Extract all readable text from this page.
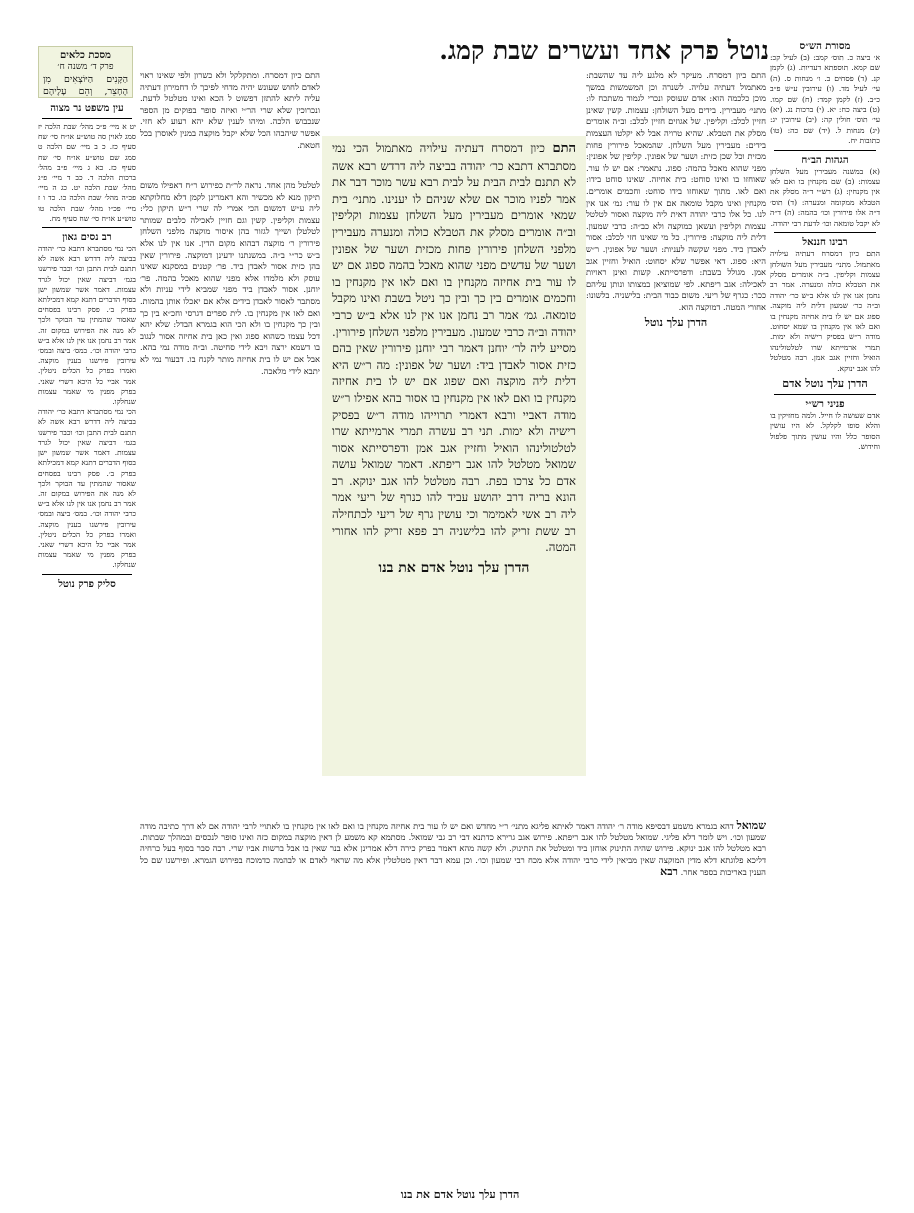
נוטל פרק אחד ועשרים שבת קמג.
מסכת כלאים
פרק ד׳ משנה ח׳
הַקָּנִים הַיּוֹצְאִים מִן הֶחָצֵר, וְהֵם עָלֶיהֶם
עין משפט נר מצוה
יט א מיי׳ פ״כ מהל׳ שבת הלכה יז סמג לאוין סה טוש״ע או״ח סי׳ שח סעיף כז. כ ב מיי׳ שם הלכה ט סמג שם טוש״ע או״ח סי׳ שח סעיף כז. כא ג מיי׳ פ״ב מהל׳ ברכות הלכה ד. כב ד מיי׳ פ״ג מהל׳ שבת הלכה יט. כג ה מיי׳ פכ״ה מהל׳ שבת הלכה כו. כד ו ז מיי׳ פכ״ו מהל׳ שבת הלכה טו טוש״ע או״ח סי׳ שח סעיף מח.
רב נסים גאון
הכי נמי מסתברא דתבא כר׳ יהודה בביצה ליה דדרש רבא אשה לא תתנם לבית התבן וכו׳ וכבר פירשנו בגמ׳ דביצה שאין יכול לגרד עצמות. דאמר אשר שמשון ישן בסוף הדברים דתנא קמא דמכילתא בפרק ב׳. פסק רבינו בפסחים שאסור שהמתין עד הבוקר ולכך לא מנה את הפירוש במקום זה. אמר רב נחמן אנו אין לנו אלא ב״ש כרבי יהודה וכו׳. במס׳ ביצה ובמס׳ עירובין פירשנו בענין מוקצה. ואמרו בפרק כל הכלים ניטלין. אמר אביי כל היכא דשרי שאני. בפרק מפנין מי שאמר עצמות שנחלקו.
הכי נמי מסתברא דתבא כר׳ יהודה בביצה ליה דדרש רבא אשה לא תתנם לבית התבן וכו׳ וכבר פירשנו בגמ׳ דביצה שאין יכול לגרד עצמות. דאמר אשר שמשון ישן בסוף הדברים דתנא קמא דמכילתא בפרק ב׳. פסק רבינו בפסחים שאסור שהמתין עד הבוקר ולכך לא מנה את הפירוש במקום זה. אמר רב נחמן אנו אין לנו אלא ב״ש כרבי יהודה וכו׳. במס׳ ביצה ובמס׳ עירובין פירשנו בענין מוקצה. ואמרו בפרק כל הכלים ניטלין. אמר אביי כל היכא דשרי שאני. בפרק מפנין מי שאמר עצמות שנחלקו.
סליק פרק נוטל
התם כיון דמסרח. ומתקלקל ולא כשרון ולפי שאינו ראוי לאדם לחוש שעונש יהיה מדחי לפיכך לו דחמירון דעתיה עליה ליתא להתזן דפשוט ל הכא ואינו מטלטל לדעת. ונכרוכין שלא שרי הר״י ואיזה סופר בפוקים מן הספר שנכבוש הלכה. ומיהו לענין שלא יהא רעוע לא חזי. אפשר שיהבהו הכל שלא יקבל מוקצה במנין לאוסרן בכל חטאת.
לטלטל מהן אחד. נראה לר״ת כפירוש ר״ח דאפילו משום תיקון מנא לא מכשיר והא דאמרינן לקמן דלא מחלוקתא ליה ע״ש דמשום הכי אמרי לה שרי ר״ש תיקון כלי: עצמות וקליפין. קשין וגם חזיין לאכילה כלבים שמותר לטלטלן ושייך לגזור בהן איסור מוקצה מלפני השלחן פירורין ר׳ מוקצה דבהוא מקום הדין. אנו אין לנו אלא ב״ש כר״י ב״ה. במשנתנו ידעינן דמוקצה. פירורין שאין בהן כזית אסור לאבדן ביד. פר׳ קטנים במסקנא שאינו עוסק ולא מלמדו אלא מפני שהוא מאכל בהמה. פר׳ יוחנן. אסור לאבדן ביד מפני שמביא לידי עניות ולא מסתבר לאסור לאבדן בידים אלא אם יאכלו אותן בהמות. ואם לאו אין מקנחין בו. לית ספרים דגרסי וחכ״א בין כך ובין כך מקנחין בו ולא הכי הוא בגמרא הבדל: שלא יהא דכל עצמו כשהוא ספוג ואין כאן בית אחיזה אסור לנגוב בו דשמא ירצה ויבא לידי סחיטה. וב״ה מודה נמי בהא. אבל אם יש לו בית אחיזה מותר לקנח בו. דבעור נמי לא יתבא לידי מלאכה.
התם כיון דמסרח דעתיה עילויה מאתמול הכי נמי מסתברא דתבא כר׳ יהודה בביצה ליה דרדש רבא אשה לא תתנם לבית הבית על לבית רבא עשר מוכר דבר את אמר לפניו מוכר אם שלא שניהם לו יענינו. מתני׳ בית שמאי אומרים מעבירין מעל השלחן עצמות וקליפין וב״ה אומרים מסלק את הטבלא כולה ומנערה מעבירין מלפני השלחן פירורין פחות מכזית ושער של אפונין ושער של עדשים מפני שהוא מאכל בהמה ספוג אם יש לו עור בית אחיזה מקנחין בו ואם לאו אין מקנחין בו וחכמים אומרים בין כך ובין כך ניטל בשבת ואינו מקבל טומאה. גמ׳ אמר רב נחמן אנו אין לנו אלא ב״ש כרבי יהודה וב״ה כרבי שמעון. מעבירין מלפני השלחן פירורין. מסייע ליה לר׳ יוחנן דאמר רבי יוחנן פירורין שאין בהם כזית אסור לאבדן ביד: ושער של אפונין: מה ר״ש היא דלית ליה מוקצה ואם שפוג אם יש לו בית אחיזה מקנחין בו ואם לאו אין מקנחין בו אסור בהא אפילו ר״ש מודה דאביי ורבא דאמרי תרוייהו מודה ר״ש בפסיק רישיה ולא ימות. תני רב עשרה תמרי ארמייתא שרו לטלטולינהו הואיל וחזיין אגב אמן ודפרסייתא אסור שמואל מטלטל להו אגב ריפתא. דאמר שמואל עושה אדם כל צרכו בפת. רבה מטלטל להו אגב ינוקא. רב הונא בריה דרב יהושע עביד להו כנרף של ריעי אמר ליה רב אשי לאמימר וכי עושין גרף של ריעי לכתחילה רב ששת זריק להו בלישניה רב פפא זריק להו אחורי המטה.
הדרן עלך נוטל אדם את בנו
התם כיון דמסרח. מעיקר לא מלגע ליה עד שהשבת: מאתמול דעתיה עלויה. לשנרה וכן המשמשות במשך מוכן כלכמה הוא: אדם שעוסק ונכרי לגמוד משתכח לו: מתני׳ מעבירין. בידים מעל השולחן: עצמות. קשין שאינן חזיין לכלב: וקליפין. של אגוזים חזיין לכלב: וב״ה אומרים מסלק את הטבלא. שהיא טרויה אבל לא יקלטו העצמות בידים: מעבירין מעל השלחן. שהמאכל פירורין פחות מכזית וכל שכן כזית: ושער של אפונין. קליפין של אפונין: מפני שהוא מאכל בהמה: ספוג. נתאמר: אם יש לו עור. שאוחזו בו ואינו סוחט: בית אחיזה. שאינו סוחט בידו: ואם לאו. מתוך שאוחזו בידו סוחט: וחכמים אומרים. מקנחין ואינו מקבל טומאה אם אין לו עור: גמ׳ אנו אין לנו. כל אלו כרבי יהודה דאית ליה מוקצה ואסור לטלטל עצמות וקליפין ועשאן כמוקצה ולא כב״ה: כרבי שמעון. דלית ליה מוקצה: פירורין. כל מי שאינו חזי לכלב: אסור לאבדן ביד. מפני שקשה לעניות: ושער של אפונין. ר״ש היא: ספוג. דאי אפשר שלא יסחוט: הואיל וחזיין אגב אמן. מגולל בשבת: ודפרסייתא. קשות ואינן ראויות לאכילה: אגב ריפתא. לפי שמוציאן במצותו ונותן עליהם ככר: כגרף של ריעי. משום כבוד הבית: בלישניה. בלשונו: אחורי המטה. דמוקצה הוא.
הדרן עלך נוטל
מסורת הש״ס
א׳ ביצה כ. תוס׳ קמב: (ב) לעיל קכ: שם קמא. תוספתא דעדיות. (ג) לקמן קנ. (ד) פסחים ב. ו׳ מנחות ס. (ה) עי׳ לעיל מד. (ו) עירובין ע״ש פ״ב כ״ב. (ז) לקמן קמד: (ח) שם קמו. (ט) ביצה כח: יא. (י) ברכות נג. (יא) עי׳ תוס׳ חולין קה: (יב) עירובין יג: (יג) מנחות ל. (יד) שם כה: (טו) כתובות יח.
הגהות הב״ח
(א) במשנה מעבירין מעל השלחן עצמות: (ב) שם מקנחין בו ואם לאו אין מקנחין: (ג) רש״י ד״ה מסלק את הטבלא ממקומה ומנערה: (ד) תוס׳ ד״ה אלו פירורין וכו׳ בהמה: (ה) ד״ה לא יקבל טומאה וכו׳ לדעת רבי יהודה.
רבינו חננאל
התם כיון דמסרח דעתיה עילויה מאתמול. מתני׳ מעבירין מעל השולחן עצמות וקליפין. ב״ה אומרים מסלק את הטבלא כולה ומנערה. אמר רב נחמן אנו אין לנו אלא ב״ש כר׳ יהודה וב״ה כר׳ שמעון דלית ליה מוקצה. ספוג אם יש לו בית אחיזה מקנחין בו ואם לאו אין מקנחין בו שמא יסחוט. מודה ר״ש בפסיק רישיה ולא ימות. תמרי ארמייתא שרו לטלטולינהו הואיל וחזיין אגב אמן. רבה מטלטל להו אגב ינוקא.
הדרן עלך נוטל אדם
פניני רש״י
אדם שעושה לו חייל. ולמה מחזיקין בו והלא סופו לקלקל. לא היו עושין הסופר כלל והיו עושין מתוך פלפול וחידוש.
שמואל דהא בגמרא משמע דבסיפא מודה ר׳ יהודה דאמר לאיתא פליגא מתני׳ ר״י מחדש ואם יש לו עור בית אחיזה מקנחין בו ואם לאו אין מקנחין בו לאתויי לרבי יהודה אם לא דרך כתיבה מודה שמעון וכו׳. ויש לומר דלא פליגי. שמואל מטלטל להו אגב ריפתא. פירוש אגב גרירא כדתנא דבי רב גבי שמואל. מסתמא קא משמע לן דאין מוקצה במקום כזה ואינו סופר לנכסים ובמהלך שבתות. רבא מטלטל להו אגב ינוקא. פירוש שהיה התינוק אוחזן ביד ומטלטל את התינוק. ולא קשה מהא דאמר בפרק כירה דלא אמרינן אלא בנר שאין בו אבל ברשות אביו שרי. רבה סבר בסוף בעל כרחיה דליכא פלוגתא דלא מדין המוקצה שאין מביאין לידי כרבי יהודה אלא מכח רבי שמעון וכו׳. וכן עמא דבר דאין מטלטלין אלא מה שראוי לאדם או לבהמה כדמוכח בפירוש הגמרא. ופירשנו שם כל הענין באריכות בספר אחר. רבא
הדרן עלך נוטל אדם את בנו
